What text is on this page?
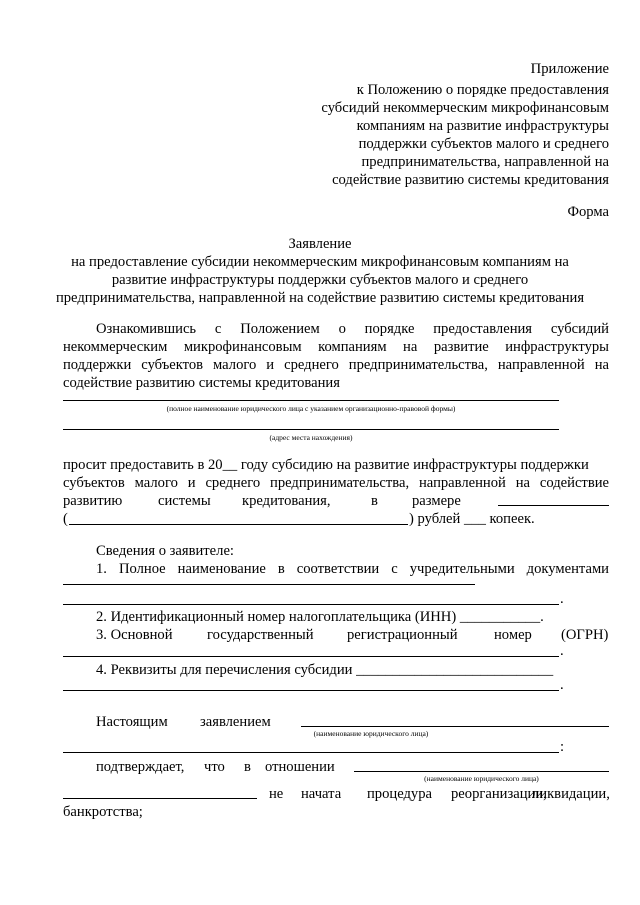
Приложение
к Положению о порядке предоставления
субсидий некоммерческим микрофинансовым
компаниям на развитие инфраструктуры
поддержки субъектов малого и среднего
предпринимательства, направленной на
содействие развитию системы кредитования
Форма
Заявление
на предоставление субсидии некоммерческим микрофинансовым компаниям на
развитие инфраструктуры поддержки субъектов малого и среднего
предпринимательства, направленной на содействие развитию системы кредитования
Ознакомившись с Положением о порядке предоставления субсидий
некоммерческим микрофинансовым компаниям на развитие инфраструктуры
поддержки субъектов малого и среднего предпринимательства, направленной на
содействие развитию системы кредитования
(полное наименование юридического лица с указанием организационно-правовой формы)
(адрес места нахождения)
просит предоставить в 20__ году субсидию на развитие инфраструктуры поддержки
субъектов малого и среднего предпринимательства, направленной на содействие
развитию системы кредитования,	в размере
(	) рублей ___ копеек.
Сведения о заявителе:
1. Полное наименование в соответствии с учредительными документами
.
2. Идентификационный номер налогоплательщика (ИНН) ___________.
3. Основной государственный регистрационный номер (ОГРН)
.
4. Реквизиты для перечисления субсидии ___________________________
.
Настоящим заявлением
(наименование юридического лица)
:
подтверждает, что в отношении
(наименование юридического лица)
не начата процедура реорганизации,
ликвидации,
банкротства;
